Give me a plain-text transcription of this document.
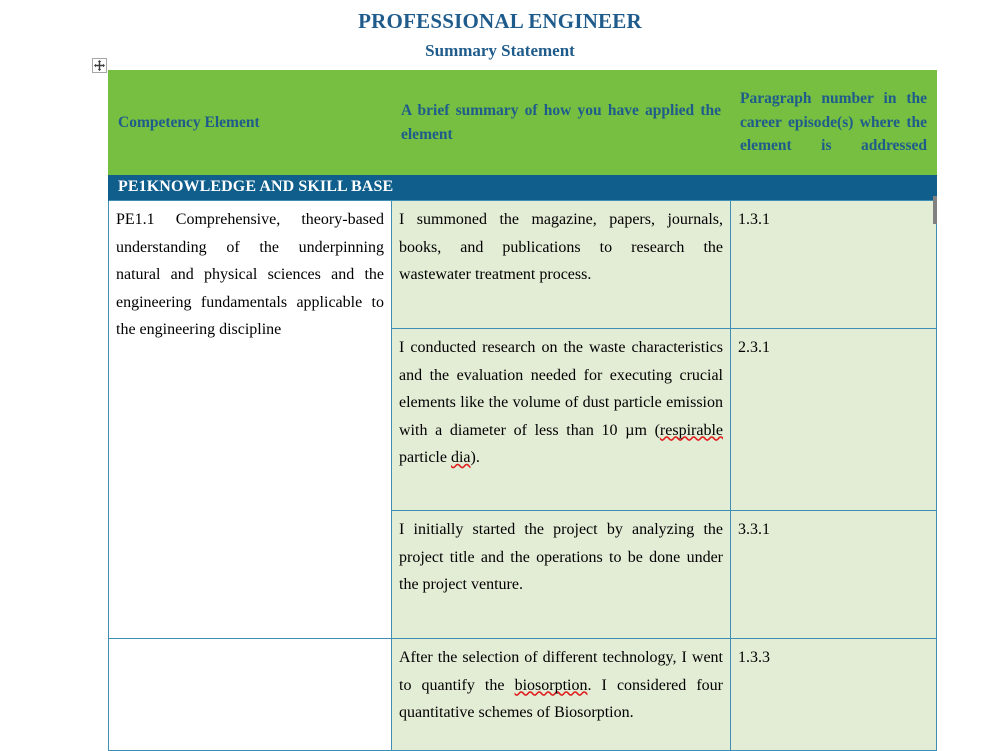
PROFESSIONAL ENGINEER
Summary Statement
Competency Element	A brief summary of how you have applied the element	Paragraph number in the career episode(s) where the element is addressed
PE1KNOWLEDGE AND SKILL BASE		
PE1.1 Comprehensive, theory-based understanding of the underpinning natural and physical sciences and the engineering fundamentals applicable to the engineering discipline	I summoned the magazine, papers, journals, books, and publications to research the wastewater treatment process.	1.3.1
	I conducted research on the waste characteristics and the evaluation needed for executing crucial elements like the volume of dust particle emission with a diameter of less than 10 µm (respirable particle dia).	2.3.1
	I initially started the project by analyzing the project title and the operations to be done under the project venture.	3.3.1
	After the selection of different technology, I went to quantify the biosorption. I considered four quantitative schemes of Biosorption.	1.3.3
